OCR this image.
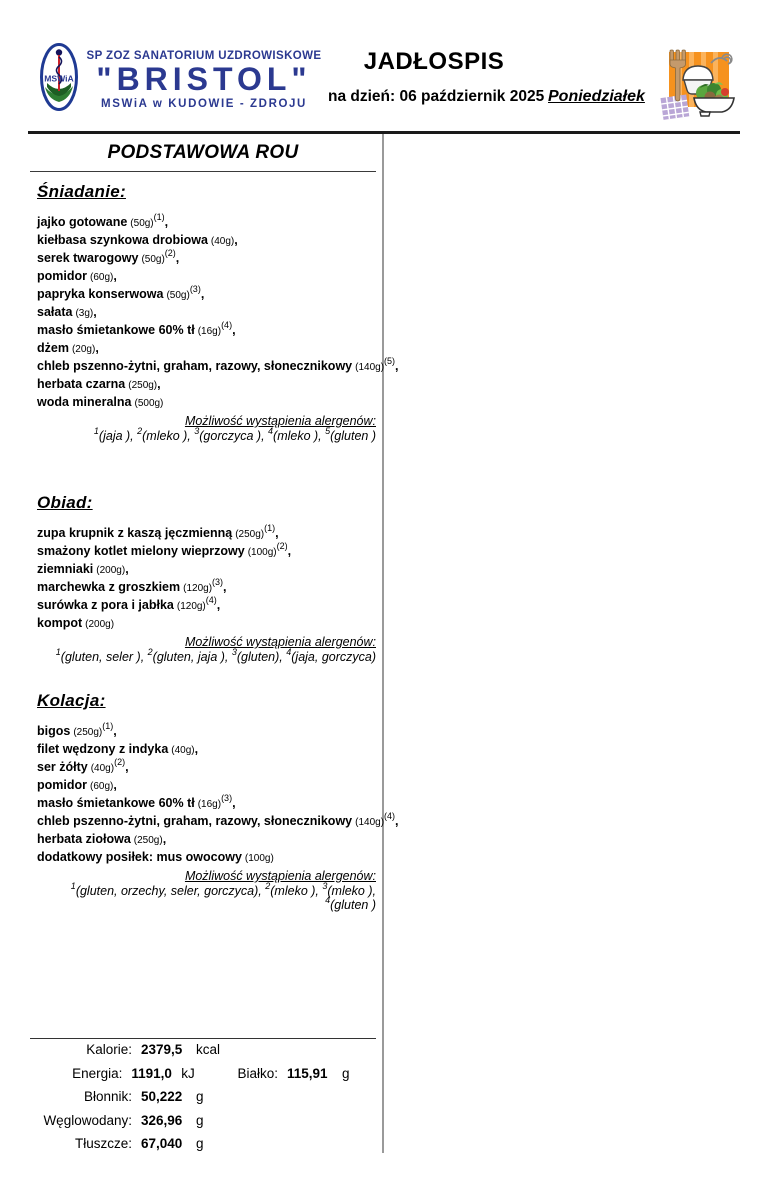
MSWiA
SP ZOZ SANATORIUM UZDROWISKOWE
"BRISTOL"
MSWiA w KUDOWIE - ZDROJU
JADŁOSPIS
na dzień: 06 październik 2025 Poniedziałek
PODSTAWOWA ROU
Śniadanie:
jajko gotowane $(50g)^{(1)}$,
kiełbasa szynkowa drobiowa (40g),
serek twarogowy $(50g)^{(2)}$,
pomidor (60g),
papryka konserwowa $(50g)^{(3)}$,
sałata (3g),
masło śmietankowe 60% tł $(16g)^{(4)}$,
dżem (20g),
chleb pszenno-żytni, graham, razowy, słonecznikowy $(140g)^{(5)}$,
herbata czarna (250g),
woda mineralna (500g)
Możliwość wystąpienia alergenów:
$^1$(jaja ), $^2$(mleko ), $^3$(gorczyca ), $^4$(mleko ), $^5$(gluten )
Obiad:
zupa krupnik z kaszą jęczmienną $(250g)^{(1)}$,
smażony kotlet mielony wieprzowy $(100g)^{(2)}$,
ziemniaki (200g),
marchewka z groszkiem $(120g)^{(3)}$,
surówka z pora i jabłka $(120g)^{(4)}$,
kompot (200g)
Możliwość wystąpienia alergenów:
$^1$(gluten, seler ), $^2$(gluten, jaja ), $^3$(gluten), $^4$(jaja, gorczyca)
Kolacja:
bigos $(250g)^{(1)}$,
filet wędzony z indyka (40g),
ser żółty $(40g)^{(2)}$,
pomidor (60g),
masło śmietankowe 60% tł $(16g)^{(3)}$,
chleb pszenno-żytni, graham, razowy, słonecznikowy $(140g)^{(4)}$,
herbata ziołowa (250g),
dodatkowy posiłek: mus owocowy (100g)
Możliwość wystąpienia alergenów:
$^1$(gluten, orzechy, seler, gorczyca), $^2$(mleko ), $^3$(mleko ), $^4$(gluten )
Kalorie: 2379,5	kcal
Energia: 1191,0 kJ	Białko: 115,91	g
Błonnik: 50,222	g
Węglowodany: 326,96	g
Tłuszcze: 67,040	g
